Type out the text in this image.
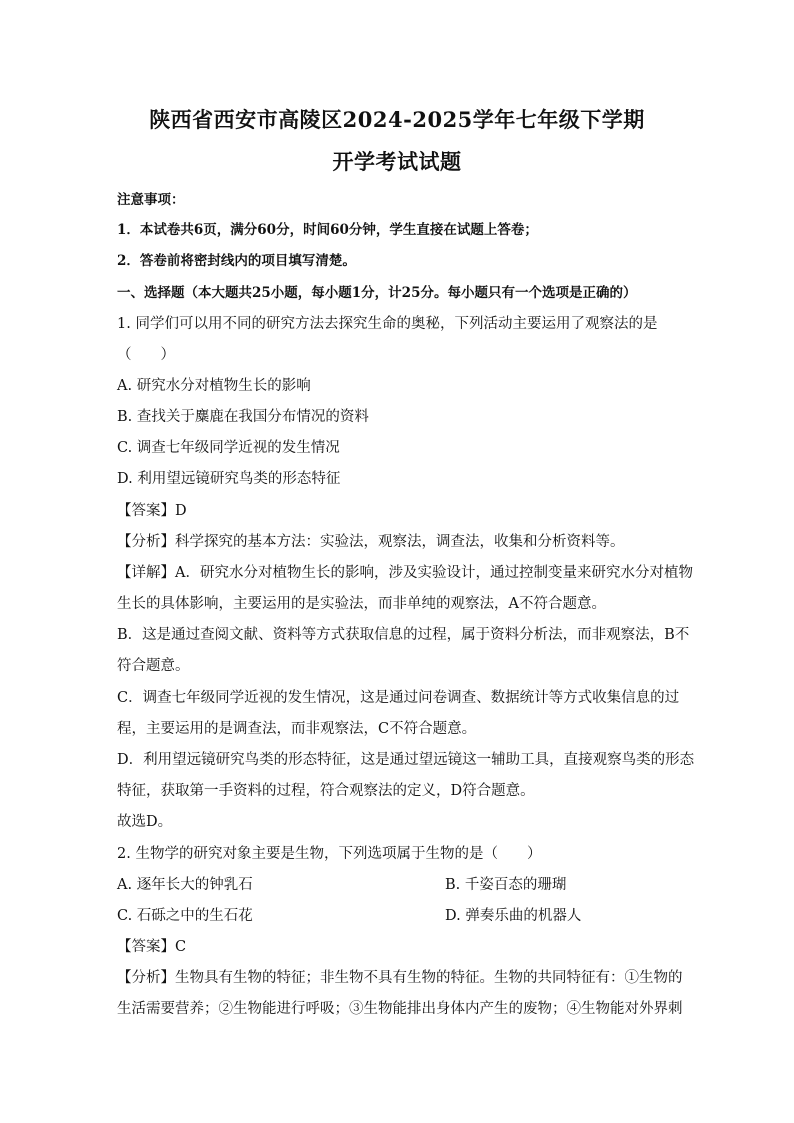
陕西省西安市高陵区2024-2025学年七年级下学期
开学考试试题
注意事项：
1．本试卷共6页，满分60分，时间60分钟，学生直接在试题上答卷；
2．答卷前将密封线内的项目填写清楚。
一、选择题（本大题共25小题，每小题1分，计25分。每小题只有一个选项是正确的）
1. 同学们可以用不同的研究方法去探究生命的奥秘，下列活动主要运用了观察法的是
（　　）
A. 研究水分对植物生长的影响
B. 查找关于麋鹿在我国分布情况的资料
C. 调查七年级同学近视的发生情况
D. 利用望远镜研究鸟类的形态特征
【答案】D
【分析】科学探究的基本方法：实验法，观察法，调查法，收集和分析资料等。
【详解】A．研究水分对植物生长的影响，涉及实验设计，通过控制变量来研究水分对植物
生长的具体影响，主要运用的是实验法，而非单纯的观察法，A不符合题意。
B．这是通过查阅文献、资料等方式获取信息的过程，属于资料分析法，而非观察法，B不
符合题意。
C．调查七年级同学近视的发生情况，这是通过问卷调查、数据统计等方式收集信息的过
程，主要运用的是调查法，而非观察法，C不符合题意。
D．利用望远镜研究鸟类的形态特征，这是通过望远镜这一辅助工具，直接观察鸟类的形态
特征，获取第一手资料的过程，符合观察法的定义，D符合题意。
故选D。
2. 生物学的研究对象主要是生物，下列选项属于生物的是（　　）
A. 逐年长大的钟乳石	B. 千姿百态的珊瑚
C. 石砾之中的生石花	D. 弹奏乐曲的机器人
【答案】C
【分析】生物具有生物的特征；非生物不具有生物的特征。生物的共同特征有：①生物的
生活需要营养；②生物能进行呼吸；③生物能排出身体内产生的废物；④生物能对外界刺
